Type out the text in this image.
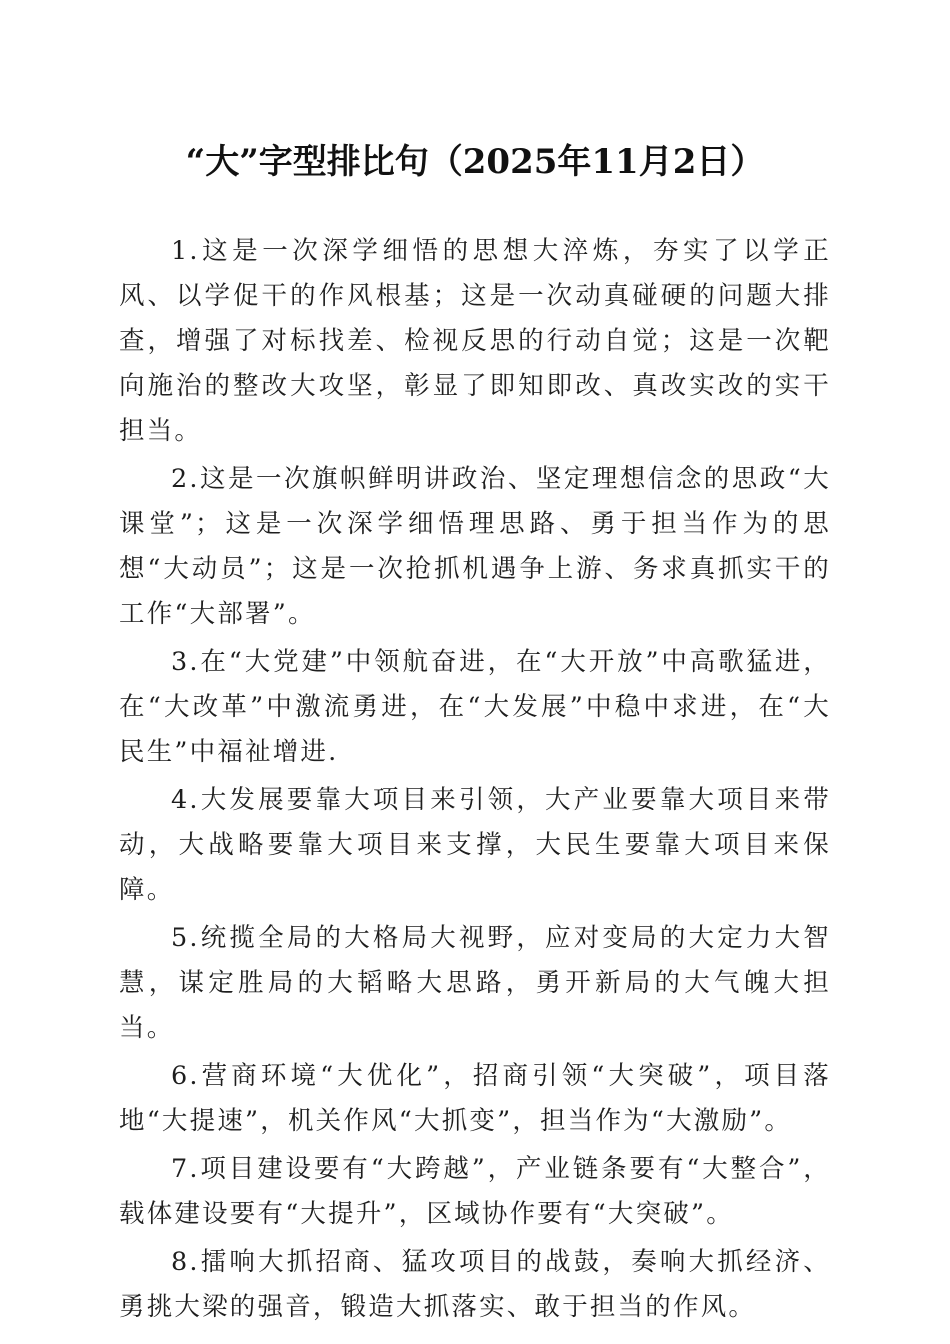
“大”字型排比句（2025年11月2日）

1.这是一次深学细悟的思想大淬炼，夯实了以学正风、以学促干的作风根基；这是一次动真碰硬的问题大排查，增强了对标找差、检视反思的行动自觉；这是一次靶向施治的整改大攻坚，彰显了即知即改、真改实改的实干担当。

2.这是一次旗帜鲜明讲政治、坚定理想信念的思政“大课堂”；这是一次深学细悟理思路、勇于担当作为的思想“大动员”；这是一次抢抓机遇争上游、务求真抓实干的工作“大部署”。

3.在“大党建”中领航奋进，在“大开放”中高歌猛进，在“大改革”中激流勇进，在“大发展”中稳中求进，在“大民生”中福祉增进.

4.大发展要靠大项目来引领，大产业要靠大项目来带动，大战略要靠大项目来支撑，大民生要靠大项目来保障。

5.统揽全局的大格局大视野，应对变局的大定力大智慧，谋定胜局的大韬略大思路，勇开新局的大气魄大担当。

6.营商环境“大优化”，招商引领“大突破”，项目落地“大提速”，机关作风“大抓变”，担当作为“大激励”。

7.项目建设要有“大跨越”，产业链条要有“大整合”，载体建设要有“大提升”，区域协作要有“大突破”。

8.擂响大抓招商、猛攻项目的战鼓，奏响大抓经济、勇挑大梁的强音，锻造大抓落实、敢于担当的作风。
